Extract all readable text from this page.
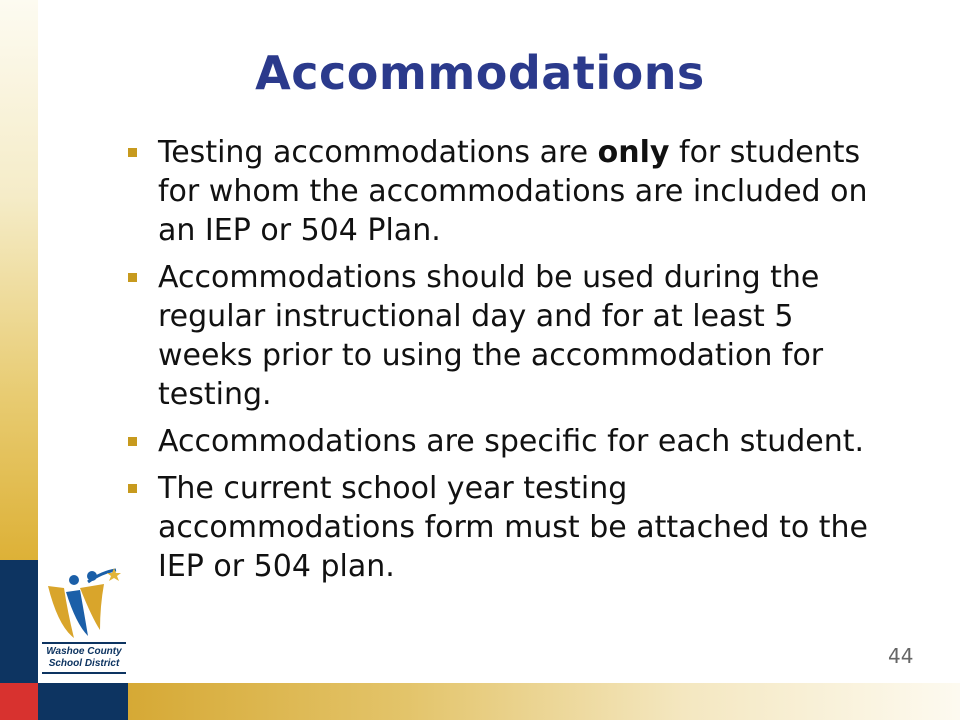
Washoe County
School District
Accommodations
Testing accommodations are only for students for whom the accommodations are included on an IEP or 504 Plan.
Accommodations should be used during the regular instructional day and for at least 5 weeks prior to using the accommodation for testing.
Accommodations are specific for each student.
The current school year testing accommodations form must be attached to the IEP or 504 plan.
44
